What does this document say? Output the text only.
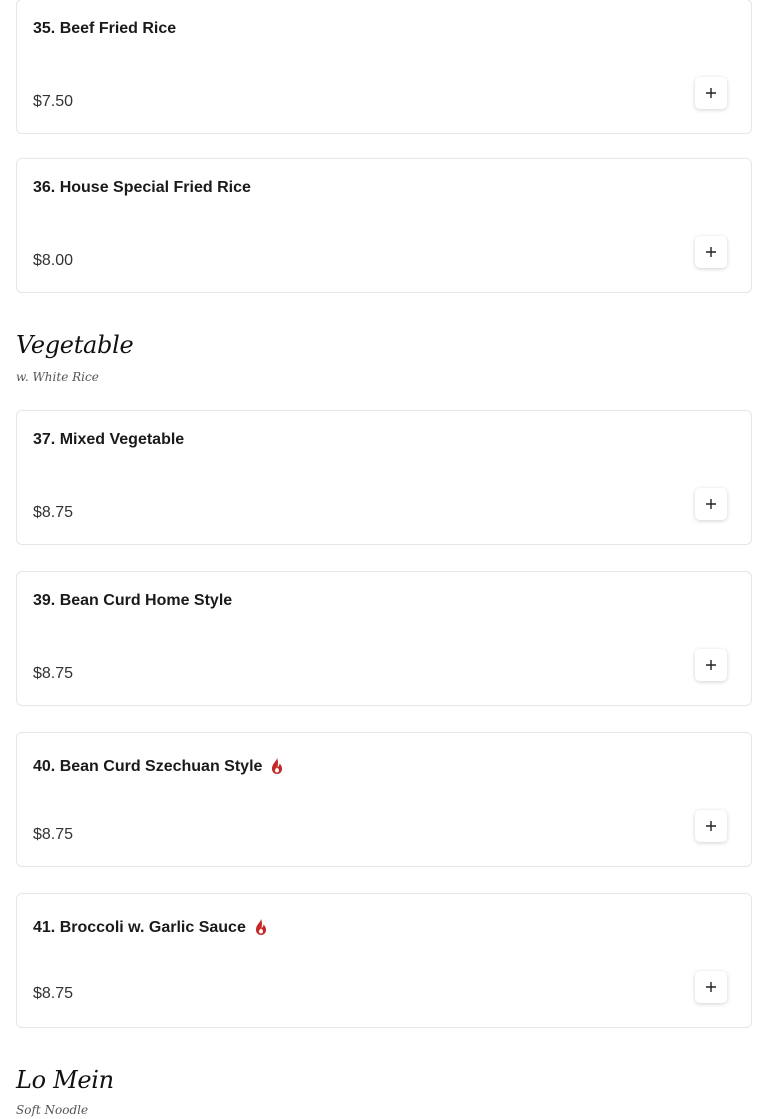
35. Beef Fried Rice
$7.50
36. House Special Fried Rice
$8.00
Vegetable
w. White Rice
37. Mixed Vegetable
$8.75
39. Bean Curd Home Style
$8.75
40. Bean Curd Szechuan Style
$8.75
41. Broccoli w. Garlic Sauce
$8.75
Lo Mein
Soft Noodle
